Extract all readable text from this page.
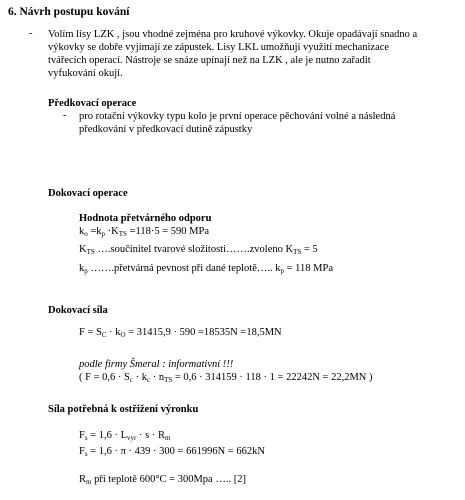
6. Návrh postupu kování
- Volím lisy LZK , jsou vhodné zejména pro kruhové výkovky. Okuje opadávají snadno a
výkovky se dobře vyjímají ze zápustek. Lisy LKL umožňují využití mechanizace
tvářecích operací. Nástroje se snáze upínají než na LZK , ale je nutno zařadit
vyfukování okují.
Předkovací operace
- pro rotační výkovky typu kolo je první operace pěchování volné a následná
předkování v předkovací dutině zápustky
Dokovací operace
Hodnota přetvárného odporu
$k_o =k_p \cdot K_{TS} =118\cdot 5 = 590$ MPa
$K_{TS}$ ….součinitel tvarové složitosti…….zvoleno $K_{TS} = 5$
$k_p$ …….přetvárná pevnost při dané teplotě….. $k_p = 118$ MPa
Dokovací síla
$F = S_C \cdot k_O = 31415,9 \cdot 590 =18535N =18,5MN$
podle firmy Šmeral : informativní !!!
( $F = 0,6 \cdot S_c \cdot k_c \cdot n_{TS} = 0,6 \cdot 314159 \cdot 118 \cdot 1 = 22242N = 22,2MN$ )
Síla potřebná k ostřižení výronku
$F_s = 1,6 \cdot L_{vyr} \cdot s \cdot R_m$
$F_s = 1,6 \cdot \pi \cdot 439 \cdot 300 = 661996N = 662kN$
$R_m$ při teplotě 600°C = 300Mpa ….. [2]
